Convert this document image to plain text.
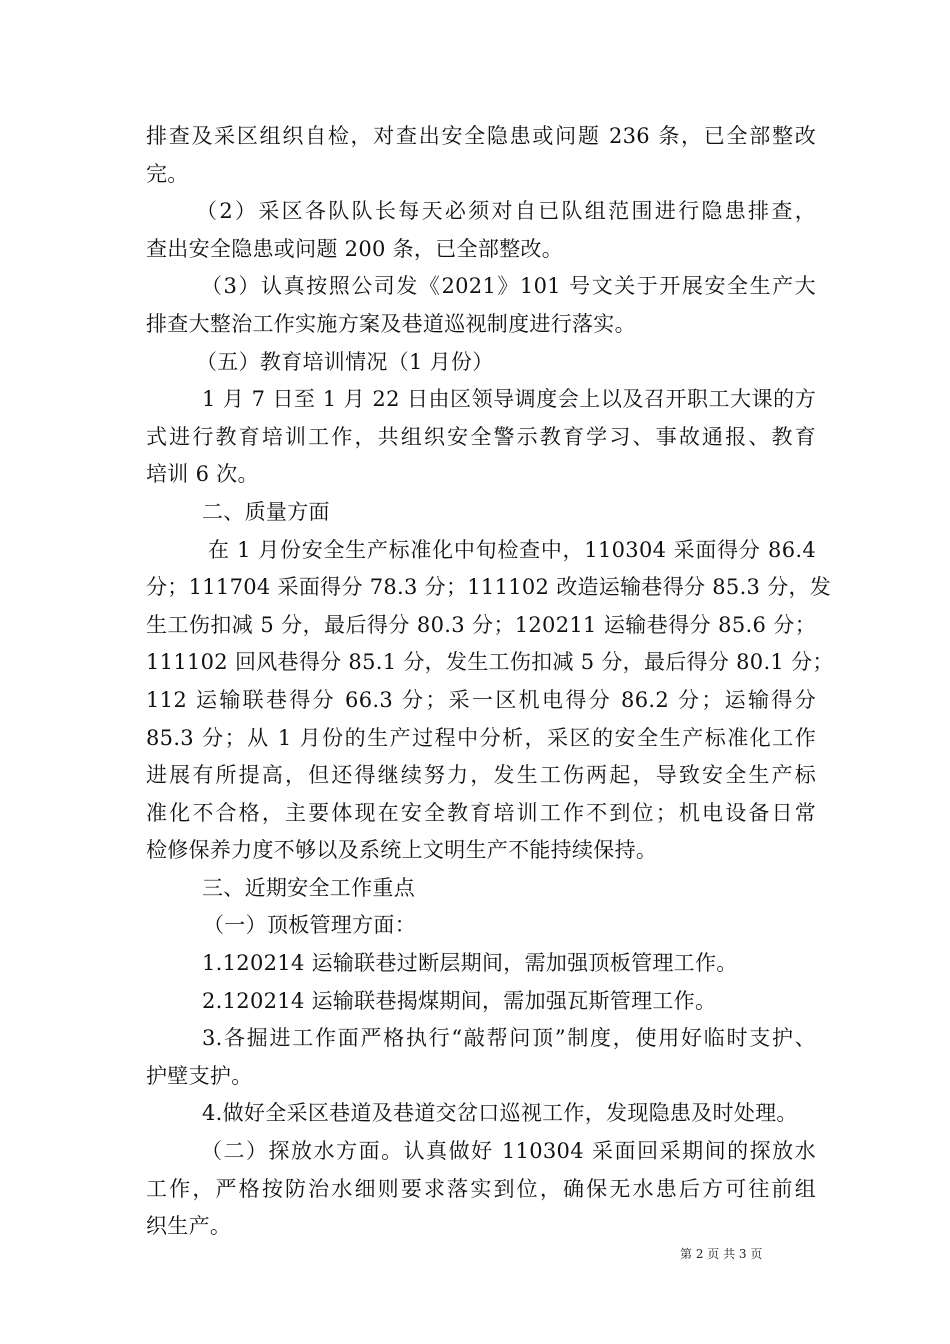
排查及采区组织自检，对查出安全隐患或问题 236 条，已全部整改
完。
（2）采区各队队长每天必须对自已队组范围进行隐患排查，
查出安全隐患或问题 200 条，已全部整改。
（3）认真按照公司发《2021》101 号文关于开展安全生产大
排查大整治工作实施方案及巷道巡视制度进行落实。
（五）教育培训情况（1 月份）
1 月 7 日至 1 月 22 日由区领导调度会上以及召开职工大课的方
式进行教育培训工作，共组织安全警示教育学习、事故通报、教育
培训 6 次。
二、质量方面
在 1 月份安全生产标准化中旬检查中，110304 采面得分 86.4
分；111704 采面得分 78.3 分；111102 改造运输巷得分 85.3 分，发
生工伤扣减 5 分，最后得分 80.3 分；120211 运输巷得分 85.6 分；
111102 回风巷得分 85.1 分，发生工伤扣减 5 分，最后得分 80.1 分；
112 运输联巷得分 66.3 分；采一区机电得分 86.2 分；运输得分
85.3 分；从 1 月份的生产过程中分析，采区的安全生产标准化工作
进展有所提高，但还得继续努力，发生工伤两起，导致安全生产标
准化不合格，主要体现在安全教育培训工作不到位；机电设备日常
检修保养力度不够以及系统上文明生产不能持续保持。
三、近期安全工作重点
（一）顶板管理方面：
1.120214 运输联巷过断层期间，需加强顶板管理工作。
2.120214 运输联巷揭煤期间，需加强瓦斯管理工作。
3.各掘进工作面严格执行“敲帮问顶”制度，使用好临时支护、
护壁支护。
4.做好全采区巷道及巷道交岔口巡视工作，发现隐患及时处理。
（二）探放水方面。认真做好 110304 采面回采期间的探放水
工作，严格按防治水细则要求落实到位，确保无水患后方可往前组
织生产。
第 2 页 共 3 页
